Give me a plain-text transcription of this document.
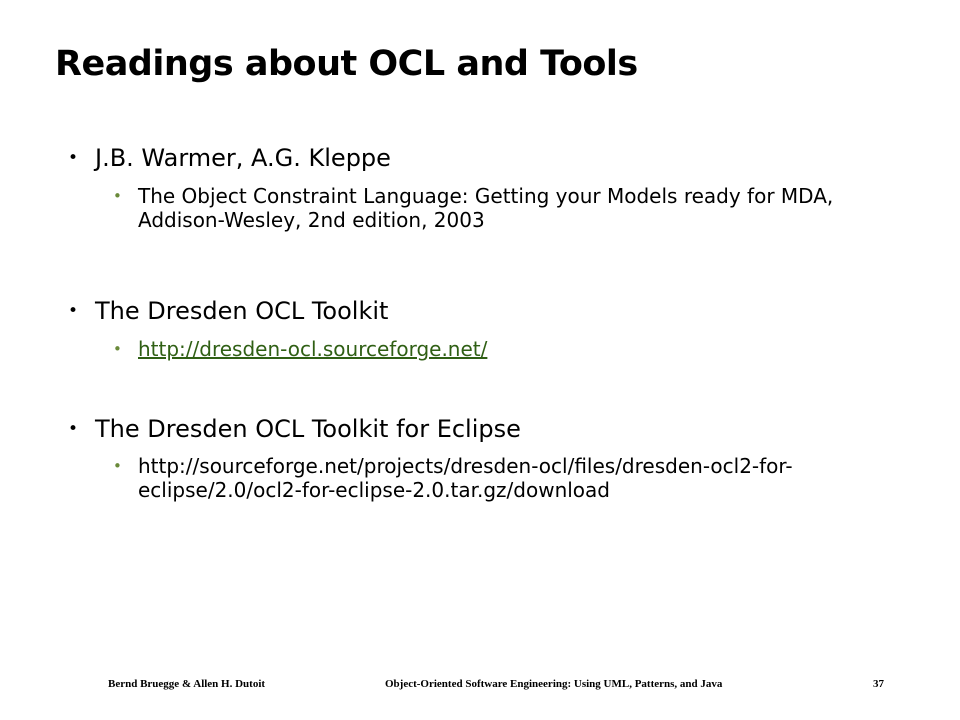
Readings about OCL and Tools
• J.B. Warmer, A.G. Kleppe
• The Object Constraint Language: Getting your Models ready for MDA, Addison-Wesley, 2nd edition, 2003
• The Dresden OCL Toolkit
• http://dresden-ocl.sourceforge.net/
• The Dresden OCL Toolkit for Eclipse
• http://sourceforge.net/projects/dresden-ocl/files/dresden-ocl2-for-eclipse/2.0/ocl2-for-eclipse-2.0.tar.gz/download
Bernd Bruegge & Allen H. Dutoit	Object-Oriented Software Engineering: Using UML, Patterns, and Java	37
